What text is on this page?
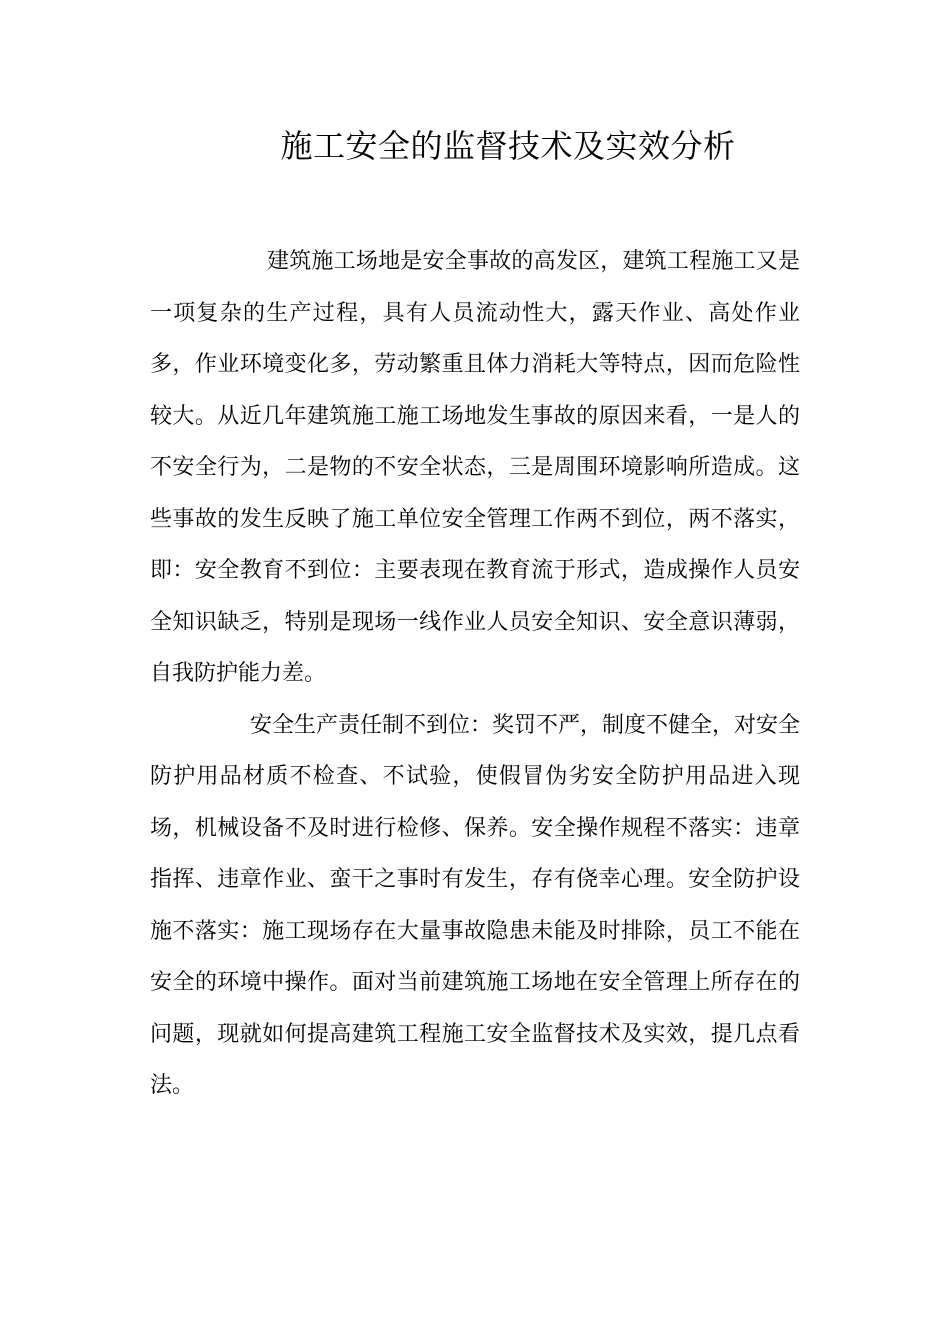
施工安全的监督技术及实效分析

建筑施工场地是安全事故的高发区，建筑工程施工又是一项复杂的生产过程，具有人员流动性大，露天作业、高处作业多，作业环境变化多，劳动繁重且体力消耗大等特点，因而危险性较大。从近几年建筑施工施工场地发生事故的原因来看，一是人的不安全行为，二是物的不安全状态，三是周围环境影响所造成。这些事故的发生反映了施工单位安全管理工作两不到位，两不落实，即：安全教育不到位：主要表现在教育流于形式，造成操作人员安全知识缺乏，特别是现场一线作业人员安全知识、安全意识薄弱，自我防护能力差。

安全生产责任制不到位：奖罚不严，制度不健全，对安全防护用品材质不检查、不试验，使假冒伪劣安全防护用品进入现场，机械设备不及时进行检修、保养。安全操作规程不落实：违章指挥、违章作业、蛮干之事时有发生，存有侥幸心理。安全防护设施不落实：施工现场存在大量事故隐患未能及时排除，员工不能在安全的环境中操作。面对当前建筑施工场地在安全管理上所存在的问题，现就如何提高建筑工程施工安全监督技术及实效，提几点看法。
